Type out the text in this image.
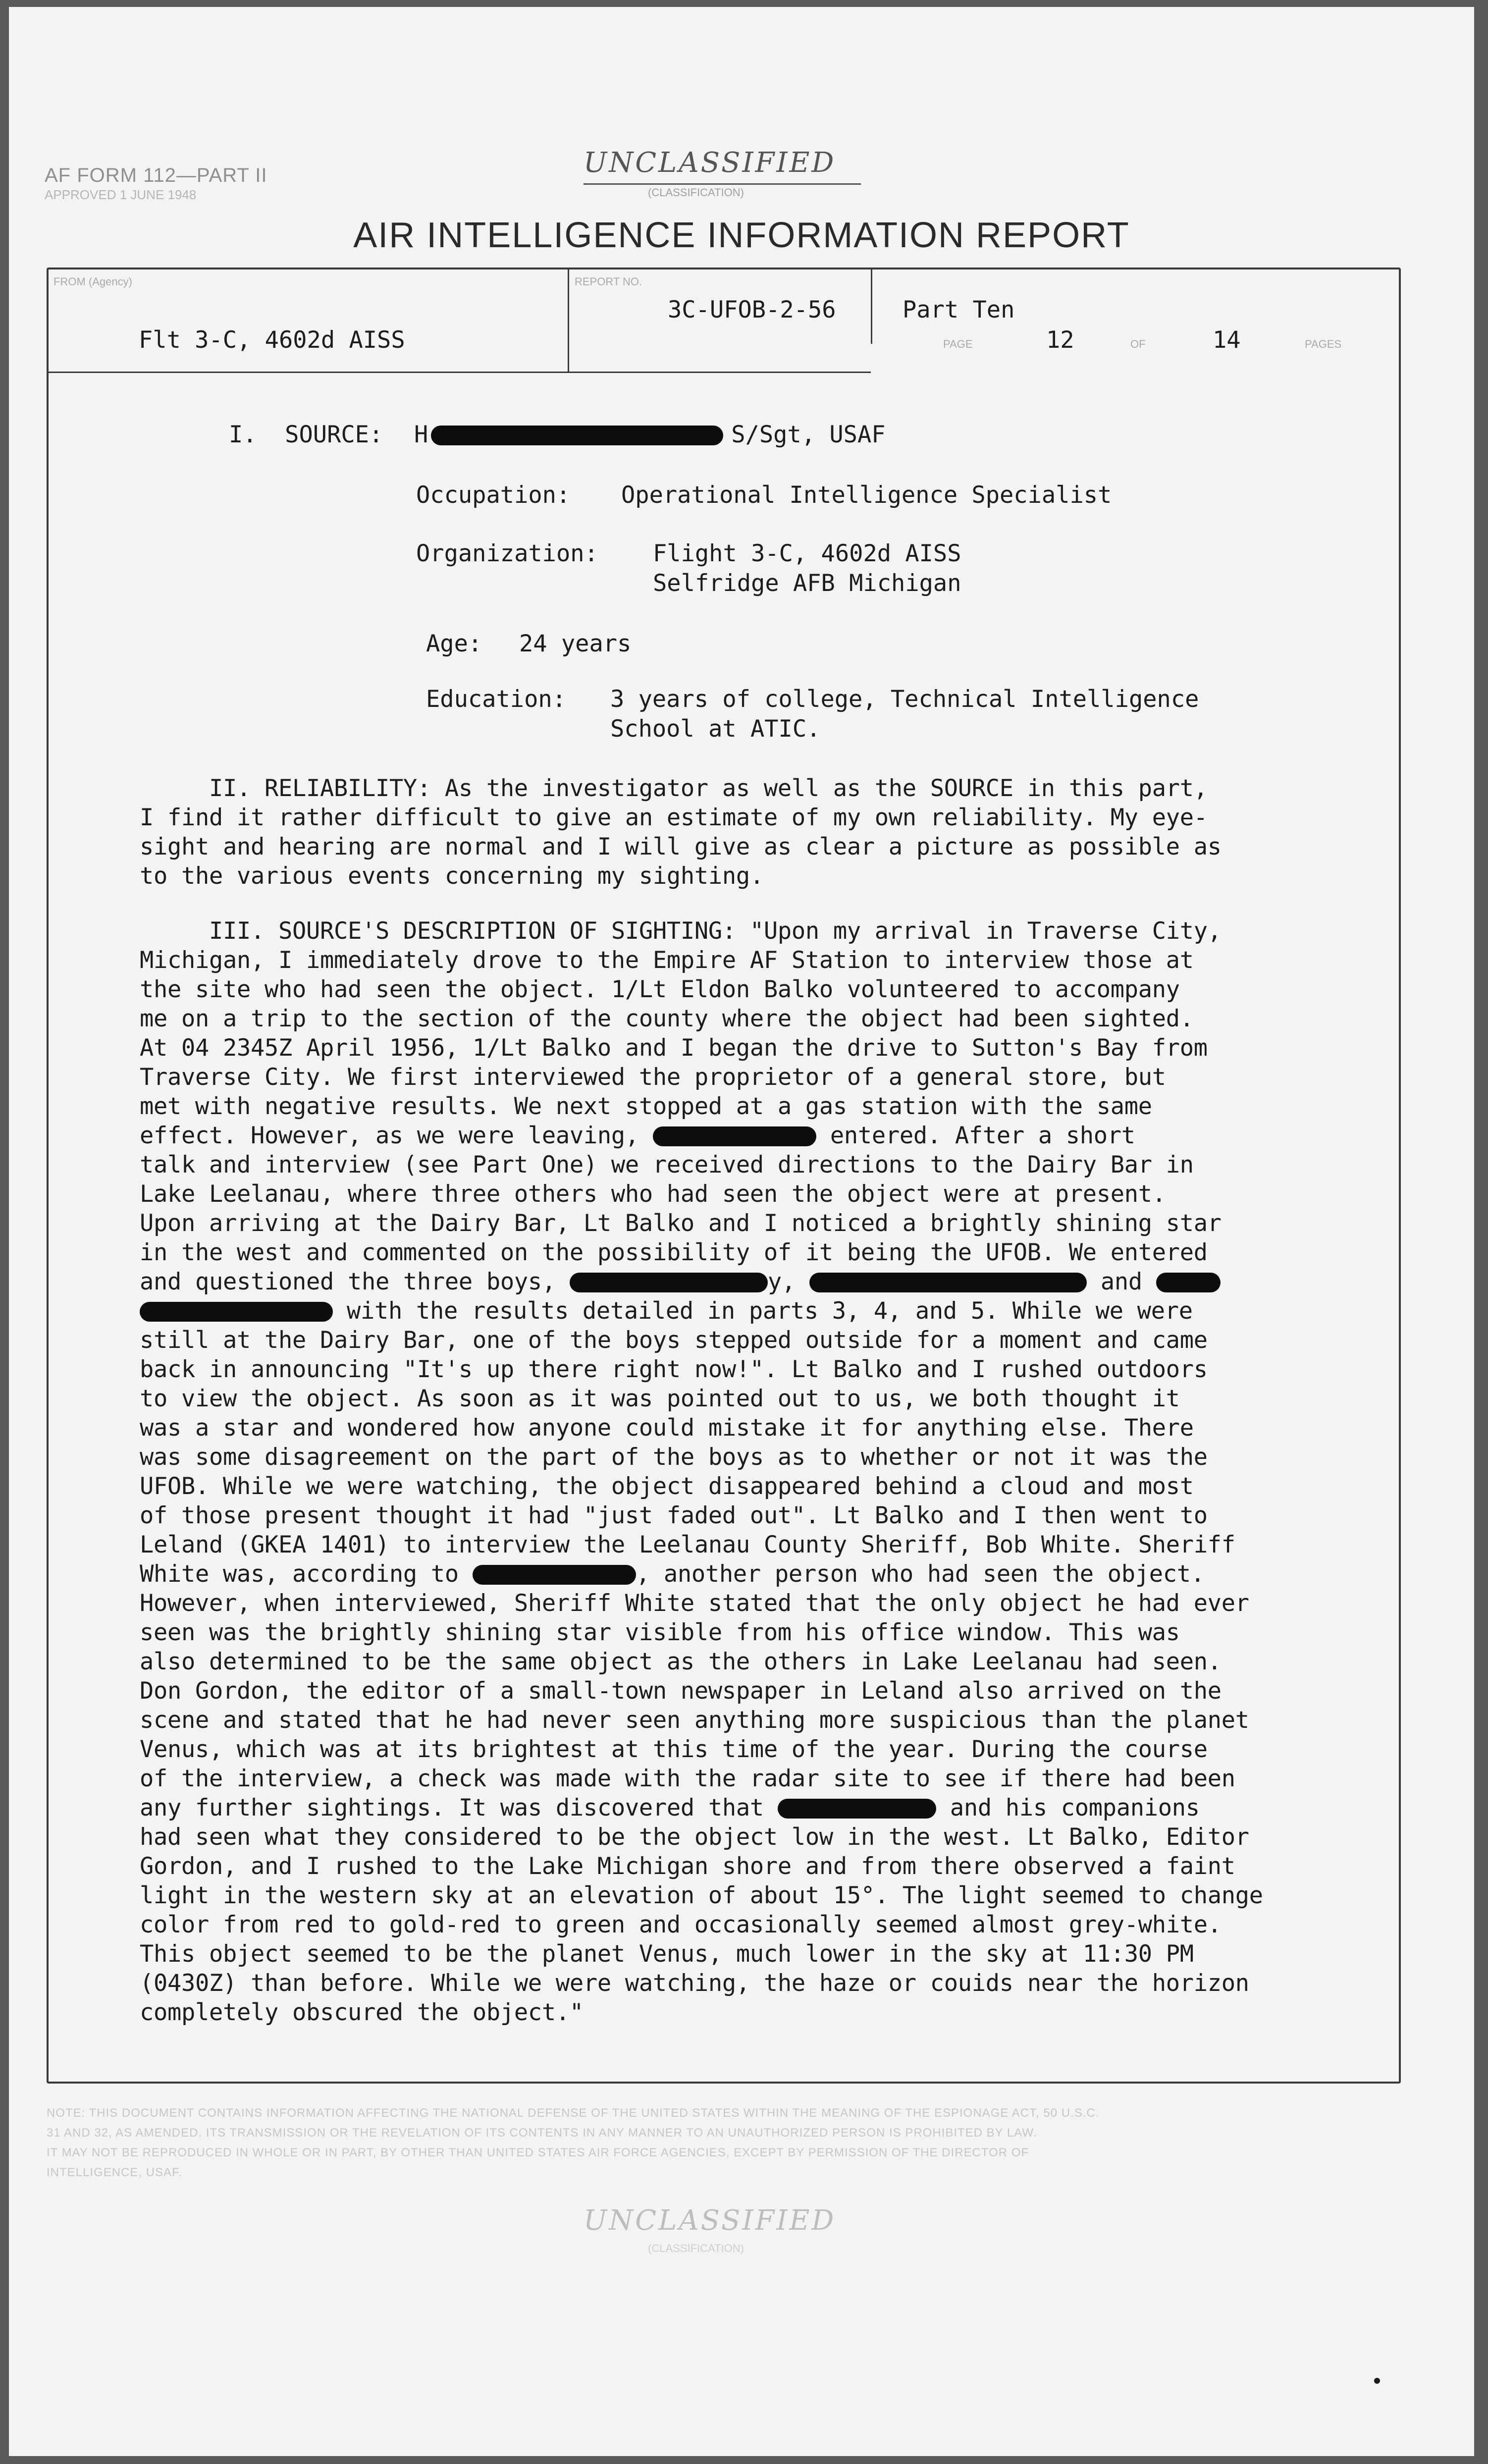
AF FORM 112—PART II
APPROVED 1 JUNE 1948
UNCLASSIFIED
(CLASSIFICATION)
AIR INTELLIGENCE INFORMATION REPORT
FROM (Agency)
Flt 3-C, 4602d AISS
REPORT NO.
3C-UFOB-2-56	Part Ten
PAGE	12	OF	14	PAGES
I.  SOURCE: H	S/Sgt, USAF
Occupation: Operational Intelligence Specialist
Organization: Flight 3-C, 4602d AISS
Selfridge AFB Michigan
Age: 24 years
Education: 3 years of college, Technical Intelligence
School at ATIC.
II. RELIABILITY: As the investigator as well as the SOURCE in this part,
I find it rather difficult to give an estimate of my own reliability. My eye-
sight and hearing are normal and I will give as clear a picture as possible as
to the various events concerning my sighting.
III. SOURCE'S DESCRIPTION OF SIGHTING: "Upon my arrival in Traverse City,
Michigan, I immediately drove to the Empire AF Station to interview those at
the site who had seen the object. 1/Lt Eldon Balko volunteered to accompany
me on a trip to the section of the county where the object had been sighted.
At 04 2345Z April 1956, 1/Lt Balko and I began the drive to Sutton's Bay from
Traverse City. We first interviewed the proprietor of a general store, but
met with negative results. We next stopped at a gas station with the same
effect. However, as we were leaving,	entered. After a short
talk and interview (see Part One) we received directions to the Dairy Bar in
Lake Leelanau, where three others who had seen the object were at present.
Upon arriving at the Dairy Bar, Lt Balko and I noticed a brightly shining star
in the west and commented on the possibility of it being the UFOB. We entered
and questioned the three boys,	y,	and
with the results detailed in parts 3, 4, and 5. While we were
still at the Dairy Bar, one of the boys stepped outside for a moment and came
back in announcing "It's up there right now!". Lt Balko and I rushed outdoors
to view the object. As soon as it was pointed out to us, we both thought it
was a star and wondered how anyone could mistake it for anything else. There
was some disagreement on the part of the boys as to whether or not it was the
UFOB. While we were watching, the object disappeared behind a cloud and most
of those present thought it had "just faded out". Lt Balko and I then went to
Leland (GKEA 1401) to interview the Leelanau County Sheriff, Bob White. Sheriff
White was, according to	, another person who had seen the object.
However, when interviewed, Sheriff White stated that the only object he had ever
seen was the brightly shining star visible from his office window. This was
also determined to be the same object as the others in Lake Leelanau had seen.
Don Gordon, the editor of a small-town newspaper in Leland also arrived on the
scene and stated that he had never seen anything more suspicious than the planet
Venus, which was at its brightest at this time of the year. During the course
of the interview, a check was made with the radar site to see if there had been
any further sightings. It was discovered that	and his companions
had seen what they considered to be the object low in the west. Lt Balko, Editor
Gordon, and I rushed to the Lake Michigan shore and from there observed a faint
light in the western sky at an elevation of about 15°. The light seemed to change
color from red to gold-red to green and occasionally seemed almost grey-white.
This object seemed to be the planet Venus, much lower in the sky at 11:30 PM
(0430Z) than before. While we were watching, the haze or couids near the horizon
completely obscured the object."
NOTE: THIS DOCUMENT CONTAINS INFORMATION AFFECTING THE NATIONAL DEFENSE OF THE UNITED STATES WITHIN THE MEANING OF THE ESPIONAGE ACT, 50 U.S.C.
31 AND 32, AS AMENDED. ITS TRANSMISSION OR THE REVELATION OF ITS CONTENTS IN ANY MANNER TO AN UNAUTHORIZED PERSON IS PROHIBITED BY LAW.
IT MAY NOT BE REPRODUCED IN WHOLE OR IN PART, BY OTHER THAN UNITED STATES AIR FORCE AGENCIES, EXCEPT BY PERMISSION OF THE DIRECTOR OF
INTELLIGENCE, USAF.
UNCLASSIFIED
(CLASSIFICATION)
